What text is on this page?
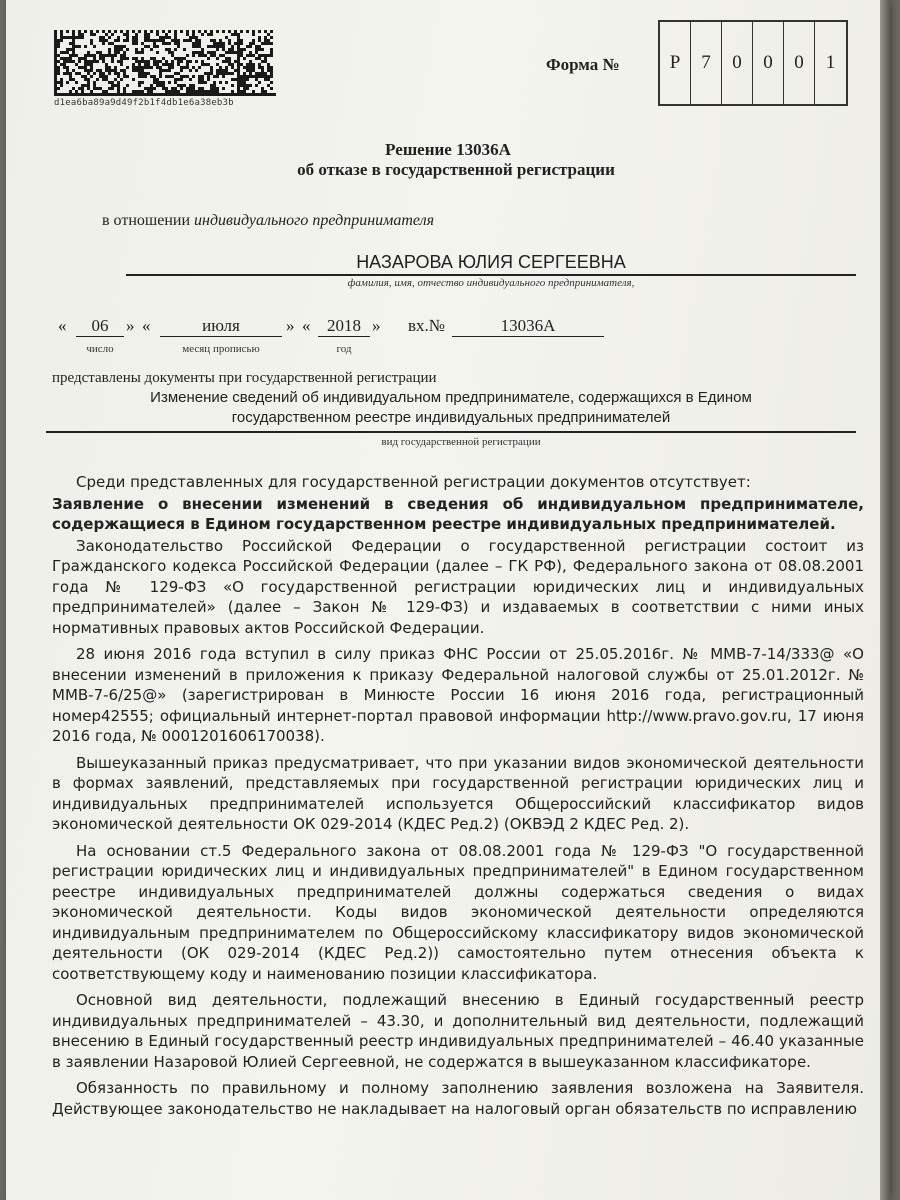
d1ea6ba89a9d49f2b1f4db1e6a38eb3b
Форма №	Р	7	0	0	0	1
Решение 13036А
об отказе в государственной регистрации
в отношении индивидуального предпринимателя
НАЗАРОВА ЮЛИЯ СЕРГЕЕВНА
фамилия, имя, отчество индивидуального предпринимателя,
«	06	» «	июля	» « 2018 » вх.№	13036А
число	месяц прописью	год
представлены документы при государственной регистрации
Изменение сведений об индивидуальном предпринимателе, содержащихся в Едином
государственном реестре индивидуальных предпринимателей
вид государственной регистрации

Среди представленных для государственной регистрации документов отсутствует:

Заявление о внесении изменений в сведения об индивидуальном предпринимателе, содержащиеся в Едином государственном реестре индивидуальных предпринимателей.

Законодательство Российской Федерации о государственной регистрации состоит из Гражданского кодекса Российской Федерации (далее – ГК РФ), Федерального закона от 08.08.2001 года № 129-ФЗ «О государственной регистрации юридических лиц и индивидуальных предпринимателей» (далее – Закон № 129-ФЗ) и издаваемых в соответствии с ними иных нормативных правовых актов Российской Федерации.

28 июня 2016 года вступил в силу приказ ФНС России от 25.05.2016г. № ММВ-7-14/333@ «О внесении изменений в приложения к приказу Федеральной налоговой службы от 25.01.2012г. № ММВ-7-6/25@» (зарегистрирован в Минюсте России 16 июня 2016 года, регистрационный номер42555; официальный интернет-портал правовой информации http://www.pravo.gov.ru, 17 июня 2016 года, № 0001201606170038).

Вышеуказанный приказ предусматривает, что при указании видов экономической деятельности в формах заявлений, представляемых при государственной регистрации юридических лиц и индивидуальных предпринимателей используется Общероссийский классификатор видов экономической деятельности ОК 029-2014 (КДЕС Ред.2) (ОКВЭД 2 КДЕС Ред. 2).

На основании ст.5 Федерального закона от 08.08.2001 года № 129-ФЗ "О государственной регистрации юридических лиц и индивидуальных предпринимателей" в Едином государственном реестре индивидуальных предпринимателей должны содержаться сведения о видах экономической деятельности. Коды видов экономической деятельности определяются индивидуальным предпринимателем по Общероссийскому классификатору видов экономической деятельности (ОК 029-2014 (КДЕС Ред.2)) самостоятельно путем отнесения объекта к соответствующему коду и наименованию позиции классификатора.

Основной вид деятельности, подлежащий внесению в Единый государственный реестр индивидуальных предпринимателей – 43.30, и дополнительный вид деятельности, подлежащий внесению в Единый государственный реестр индивидуальных предпринимателей – 46.40 указанные в заявлении Назаровой Юлией Сергеевной, не содержатся в вышеуказанном классификаторе.

Обязанность по правильному и полному заполнению заявления возложена на Заявителя. Действующее законодательство не накладывает на налоговый орган обязательств по исправлению
